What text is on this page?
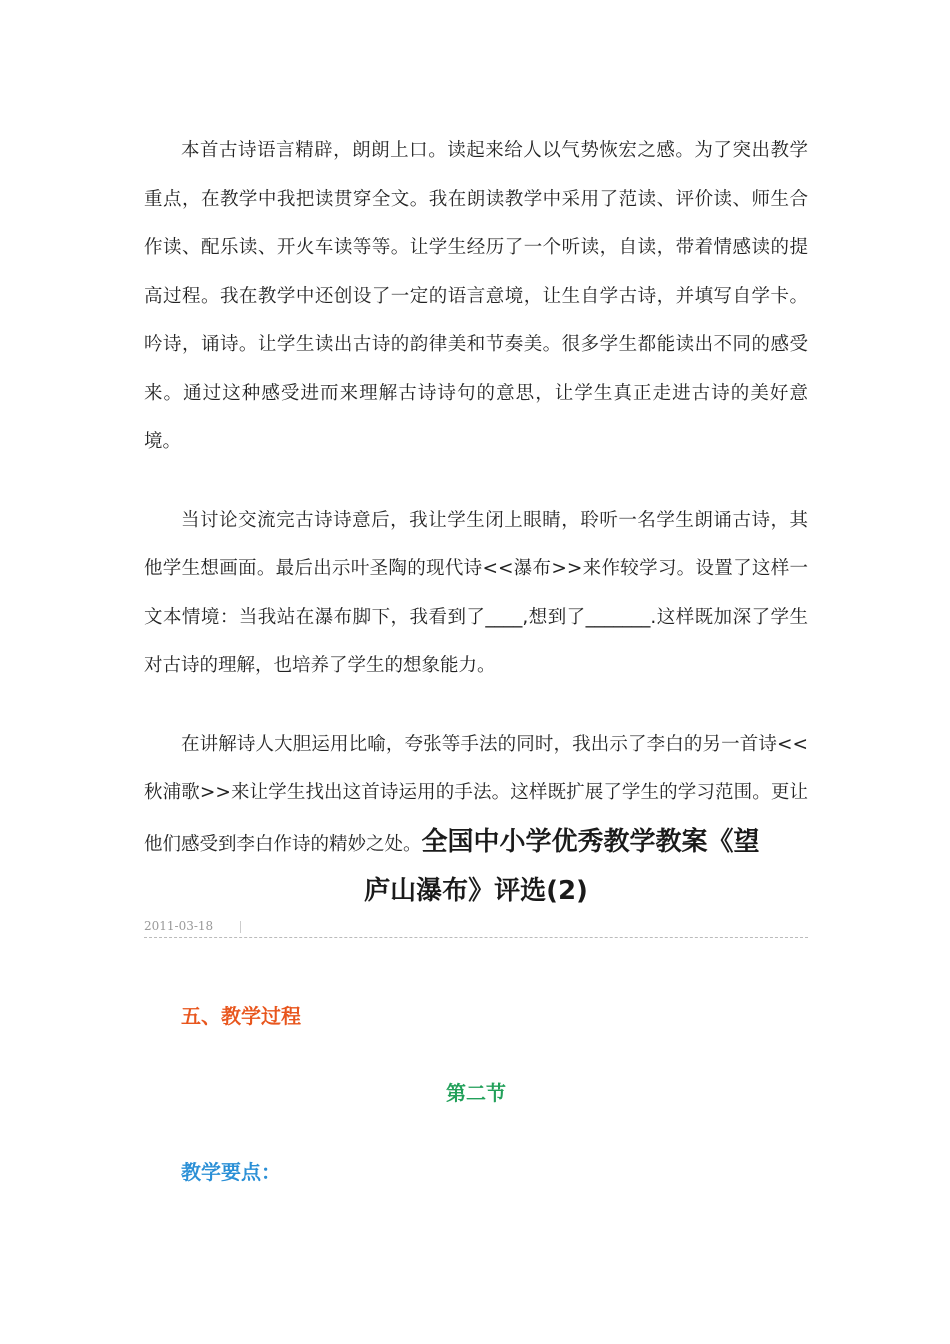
本首古诗语言精辟，朗朗上口。读起来给人以气势恢宏之感。为了突出教学重点，在教学中我把读贯穿全文。我在朗读教学中采用了范读、评价读、师生合作读、配乐读、开火车读等等。让学生经历了一个听读，自读，带着情感读的提高过程。我在教学中还创设了一定的语言意境，让生自学古诗，并填写自学卡。吟诗，诵诗。让学生读出古诗的韵律美和节奏美。很多学生都能读出不同的感受来。通过这种感受进而来理解古诗诗句的意思，让学生真正走进古诗的美好意境。

当讨论交流完古诗诗意后，我让学生闭上眼睛，聆听一名学生朗诵古诗，其他学生想画面。最后出示叶圣陶的现代诗<<瀑布>>来作较学习。设置了这样一文本情境：当我站在瀑布脚下，我看到了____,想到了_______.这样既加深了学生对古诗的理解，也培养了学生的想象能力。

在讲解诗人大胆运用比喻，夸张等手法的同时，我出示了李白的另一首诗<<秋浦歌>>来让学生找出这首诗运用的手法。这样既扩展了学生的学习范围。更让他们感受到李白作诗的精妙之处。全国中小学优秀教学教案《望

庐山瀑布》评选(2)

2011-03-18
五、教学过程
第二节
教学要点：
